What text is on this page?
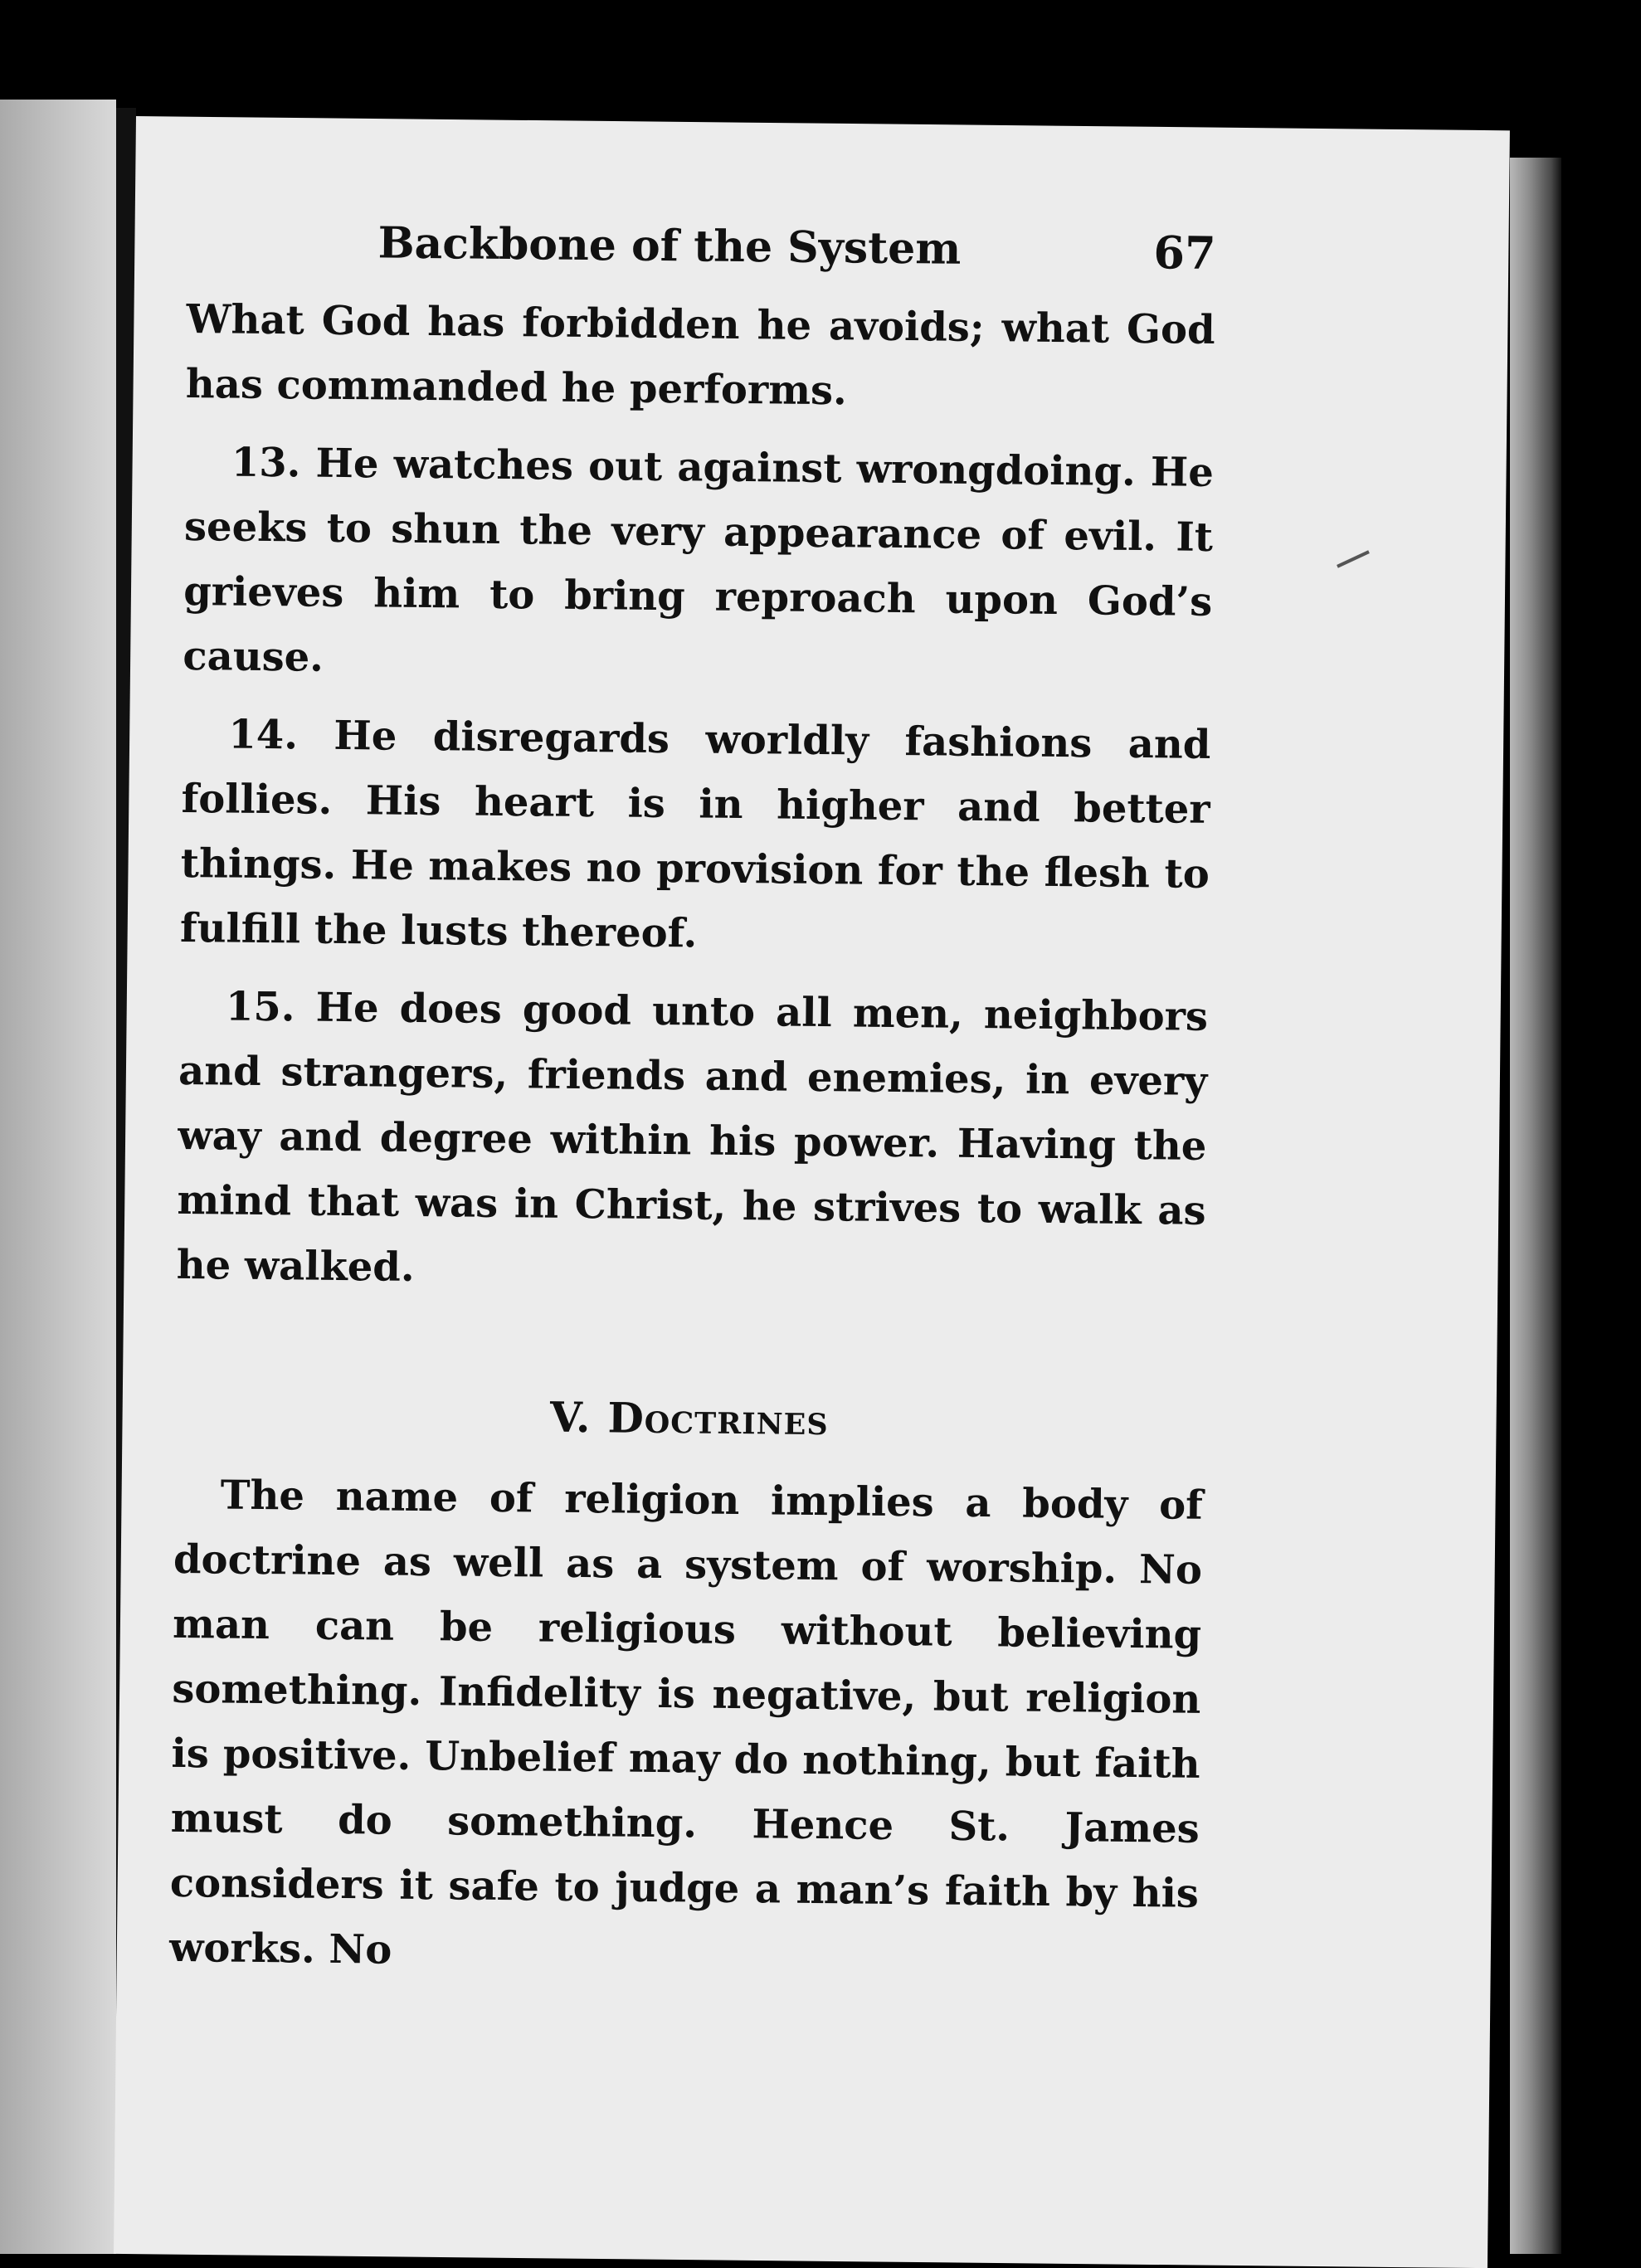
Backbone of the System	67

What God has forbidden he avoids; what God has commanded he performs.

13. He watches out against wrongdoing. He seeks to shun the very appearance of evil. It grieves him to bring reproach upon God’s cause.

14. He disregards worldly fashions and follies. His heart is in higher and better things. He makes no provision for the flesh to fulfill the lusts thereof.

15. He does good unto all men, neighbors and strangers, friends and enemies, in every way and degree within his power. Having the mind that was in Christ, he strives to walk as he walked.

V. Doctrines

The name of religion implies a body of doctrine as well as a system of worship. No man can be religious without believing something. Infidelity is negative, but religion is positive. Unbelief may do nothing, but faith must do something. Hence St. James considers it safe to judge a man’s faith by his works. No
